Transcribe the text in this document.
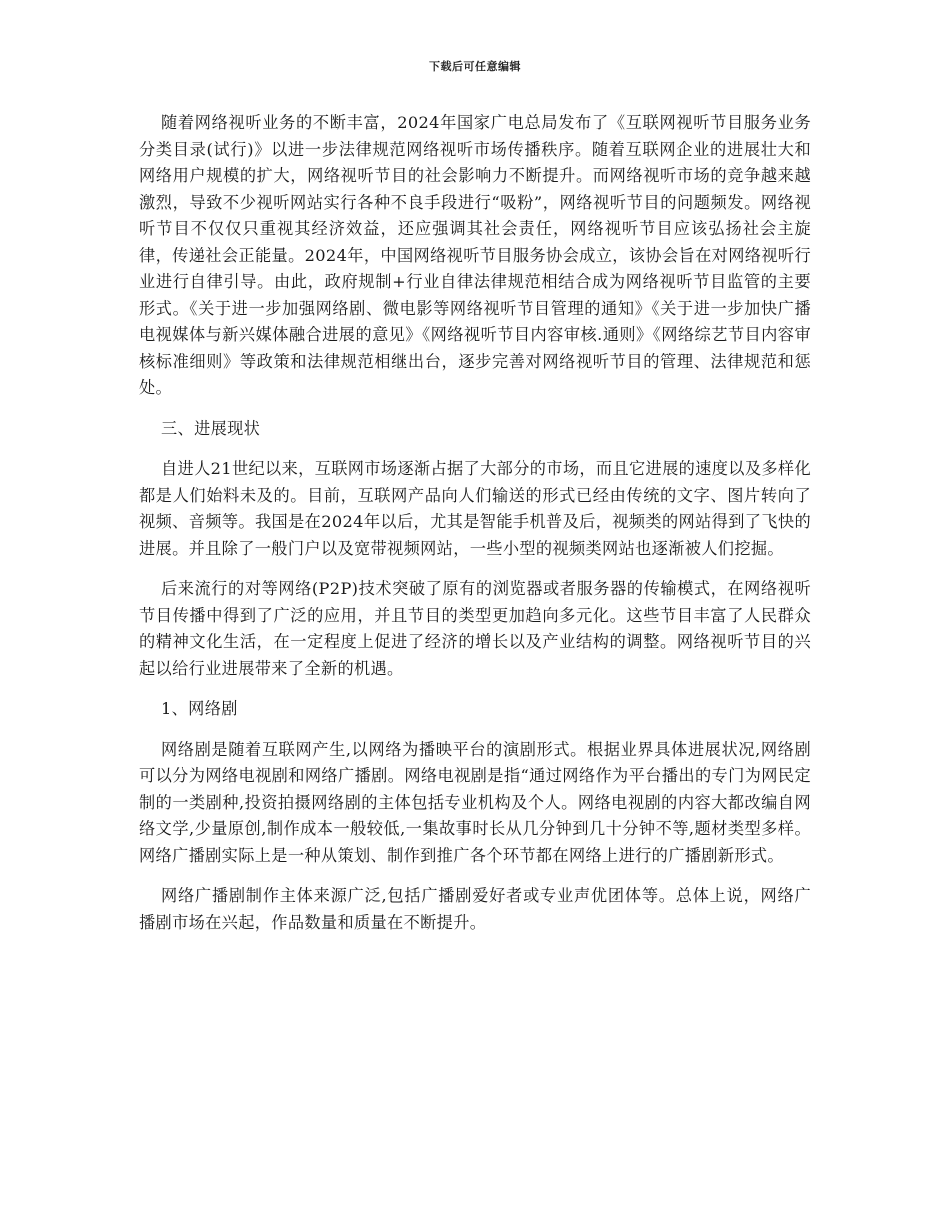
下载后可任意编辑

随着网络视听业务的不断丰富，2024年国家广电总局发布了《互联网视听节目服务业务分类目录(试行)》以进一步法律规范网络视听市场传播秩序。随着互联网企业的进展壮大和网络用户规模的扩大，网络视听节目的社会影响力不断提升。而网络视听市场的竞争越来越激烈，导致不少视听网站实行各种不良手段进行“吸粉”，网络视听节目的问题频发。网络视听节目不仅仅只重视其经济效益，还应强调其社会责任，网络视听节目应该弘扬社会主旋律，传递社会正能量。2024年，中国网络视听节目服务协会成立，该协会旨在对网络视听行业进行自律引导。由此，政府规制+行业自律法律规范相结合成为网络视听节目监管的主要形式。《关于进一步加强网络剧、微电影等网络视听节目管理的通知》《关于进一步加快广播电视媒体与新兴媒体融合进展的意见》《网络视听节目内容审核.通则》《网络综艺节目内容审核标准细则》等政策和法律规范相继出台，逐步完善对网络视听节目的管理、法律规范和惩处。

三、进展现状

自进人21世纪以来，互联网市场逐渐占据了大部分的市场，而且它进展的速度以及多样化都是人们始料未及的。目前，互联网产品向人们输送的形式已经由传统的文字、图片转向了视频、音频等。我国是在2024年以后，尤其是智能手机普及后，视频类的网站得到了飞快的进展。并且除了一般门户以及宽带视频网站，一些小型的视频类网站也逐渐被人们挖掘。

后来流行的对等网络(P2P)技术突破了原有的浏览器或者服务器的传输模式，在网络视听节目传播中得到了广泛的应用，并且节目的类型更加趋向多元化。这些节目丰富了人民群众的精神文化生活，在一定程度上促进了经济的增长以及产业结构的调整。网络视听节目的兴起以给行业进展带来了全新的机遇。

1、网络剧

网络剧是随着互联网产生,以网络为播映平台的演剧形式。根据业界具体进展状况,网络剧可以分为网络电视剧和网络广播剧。网络电视剧是指“通过网络作为平台播出的专门为网民定制的一类剧种,投资拍摄网络剧的主体包括专业机构及个人。网络电视剧的内容大都改编自网络文学,少量原创,制作成本一般较低,一集故事时长从几分钟到几十分钟不等,题材类型多样。网络广播剧实际上是一种从策划、制作到推广各个环节都在网络上进行的广播剧新形式。

网络广播剧制作主体来源广泛,包括广播剧爱好者或专业声优团体等。总体上说，网络广播剧市场在兴起，作品数量和质量在不断提升。
